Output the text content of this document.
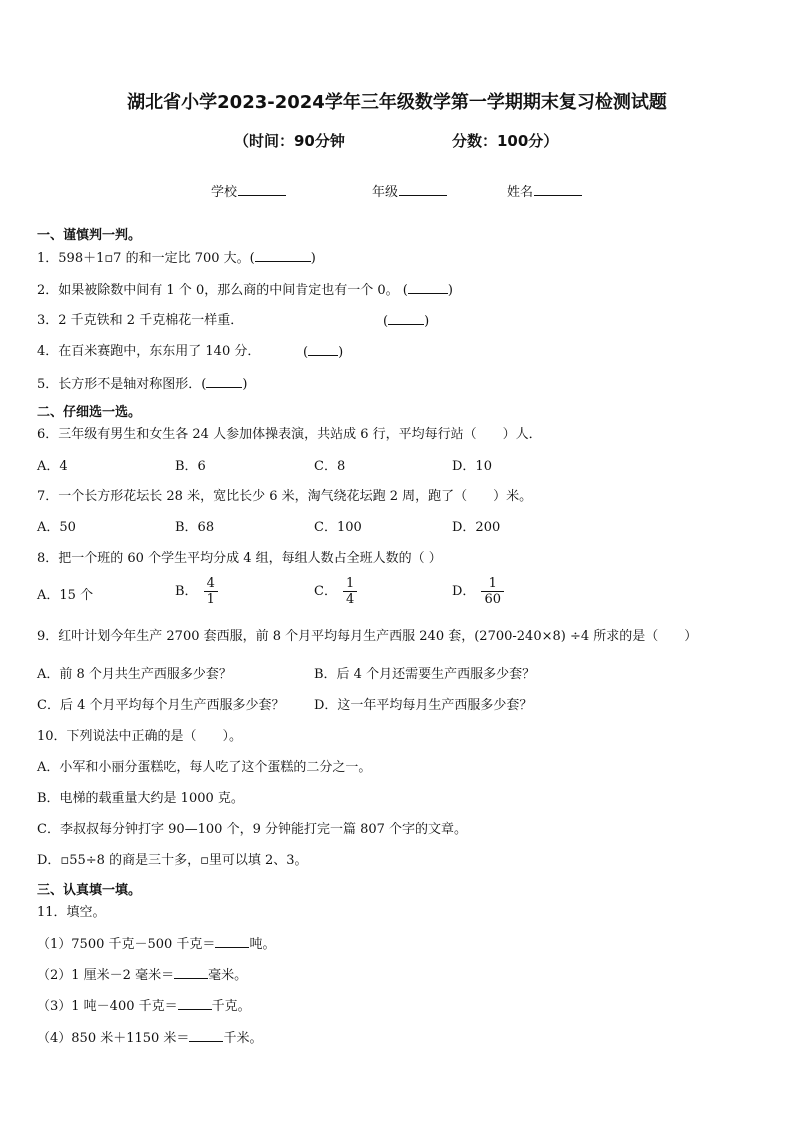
湖北省小学2023-2024学年三年级数学第一学期期末复习检测试题
（时间：90分钟	分数：100分）
学校	年级	姓名
一、谨慎判一判。
1．598＋1▫7 的和一定比 700 大。(	)
2．如果被除数中间有 1 个 0，那么商的中间肯定也有一个 0。 (	)
3．2 千克铁和 2 千克棉花一样重．	(	)
4．在百米赛跑中，东东用了 140 分．	( )
5．长方形不是轴对称图形．(	)
二、仔细选一选。
6．三年级有男生和女生各 24 人参加体操表演，共站成 6 行，平均每行站（　　）人．
A．4	B．6	C．8	D．10
7．一个长方形花坛长 28 米，宽比长少 6 米，淘气绕花坛跑 2 周，跑了（　　）米。
A．50	B．68	C．100	D．200
8．把一个班的 60 个学生平均分成 4 组，每组人数占全班人数的（ ）
A．15 个	B． $\frac{4}{1}$	C． $\frac{1}{4}$	D． $\frac{1}{60}$
9．红叶计划今年生产 2700 套西服，前 8 个月平均每月生产西服 240 套，(2700-240×8) ÷4 所求的是（　　）
A．前 8 个月共生产西服多少套？	B．后 4 个月还需要生产西服多少套？
C．后 4 个月平均每个月生产西服多少套？ D．这一年平均每月生产西服多少套？
10．下列说法中正确的是（　　）。
A．小军和小丽分蛋糕吃，每人吃了这个蛋糕的二分之一。
B．电梯的载重量大约是 1000 克。
C．李叔叔每分钟打字 90—100 个，9 分钟能打完一篇 807 个字的文章。
D．▫55÷8 的商是三十多，▫里可以填 2、3。
三、认真填一填。
11．填空。
（1）7500 千克－500 千克＝	吨。
（2）1 厘米－2 毫米＝	毫米。
（3）1 吨－400 千克＝	千克。
（4）850 米＋1150 米＝	千米。
